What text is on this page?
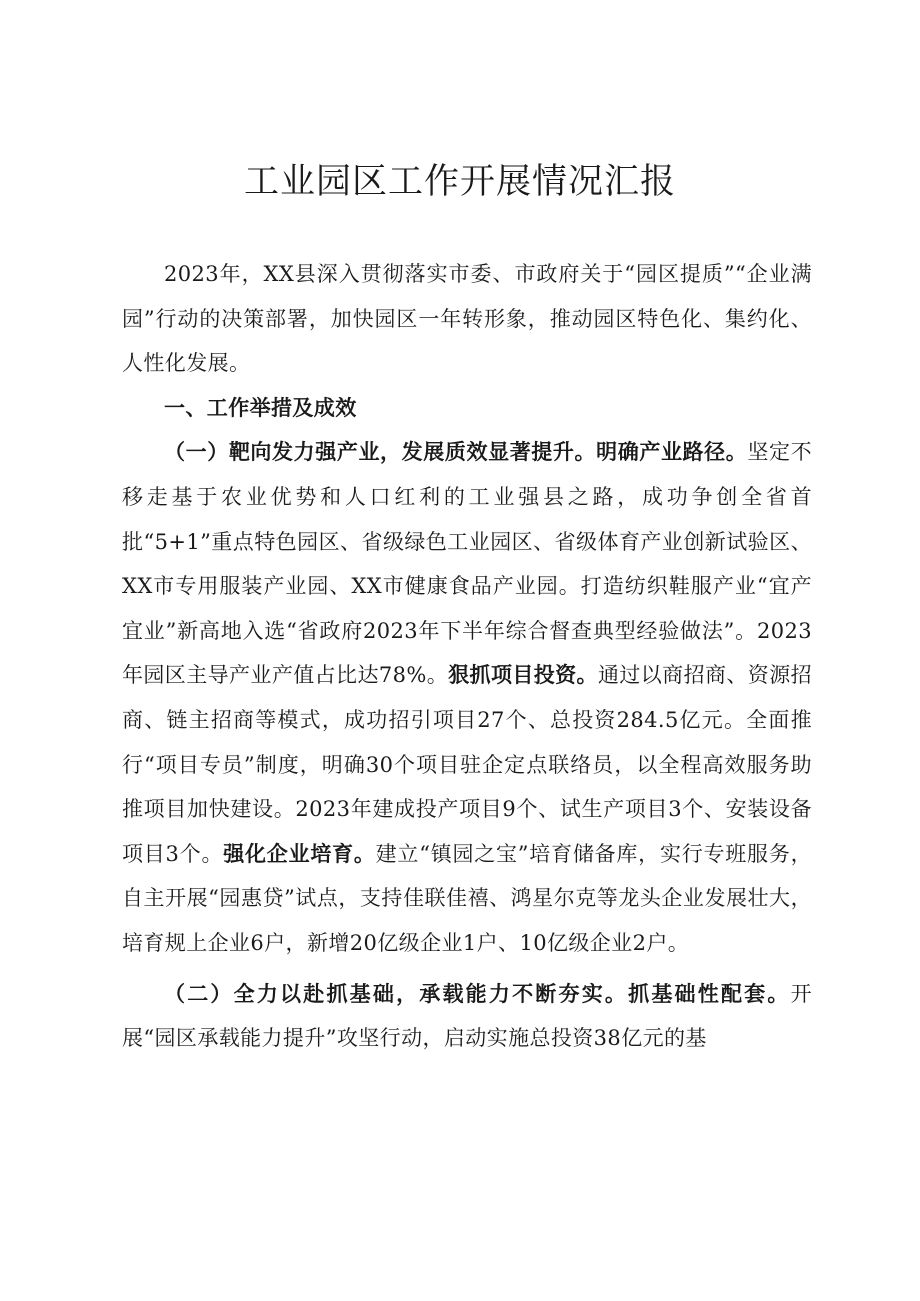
工业园区工作开展情况汇报

2023年，XX县深入贯彻落实市委、市政府关于“园区提质”“企业满园”行动的决策部署，加快园区一年转形象，推动园区特色化、集约化、人性化发展。

一、工作举措及成效

（一）靶向发力强产业，发展质效显著提升。明确产业路径。坚定不移走基于农业优势和人口红利的工业强县之路，成功争创全省首批“5+1”重点特色园区、省级绿色工业园区、省级体育产业创新试验区、XX市专用服装产业园、XX市健康食品产业园。打造纺织鞋服产业“宜产宜业”新高地入选“省政府2023年下半年综合督查典型经验做法”。2023年园区主导产业产值占比达78%。狠抓项目投资。通过以商招商、资源招商、链主招商等模式，成功招引项目27个、总投资284.5亿元。全面推行“项目专员”制度，明确30个项目驻企定点联络员，以全程高效服务助推项目加快建设。2023年建成投产项目9个、试生产项目3个、安装设备项目3个。强化企业培育。建立“镇园之宝”培育储备库，实行专班服务，自主开展“园惠贷”试点，支持佳联佳禧、鸿星尔克等龙头企业发展壮大，培育规上企业6户，新增20亿级企业1户、10亿级企业2户。

（二）全力以赴抓基础，承载能力不断夯实。抓基础性配套。开展“园区承载能力提升”攻坚行动，启动实施总投资38亿元的基
